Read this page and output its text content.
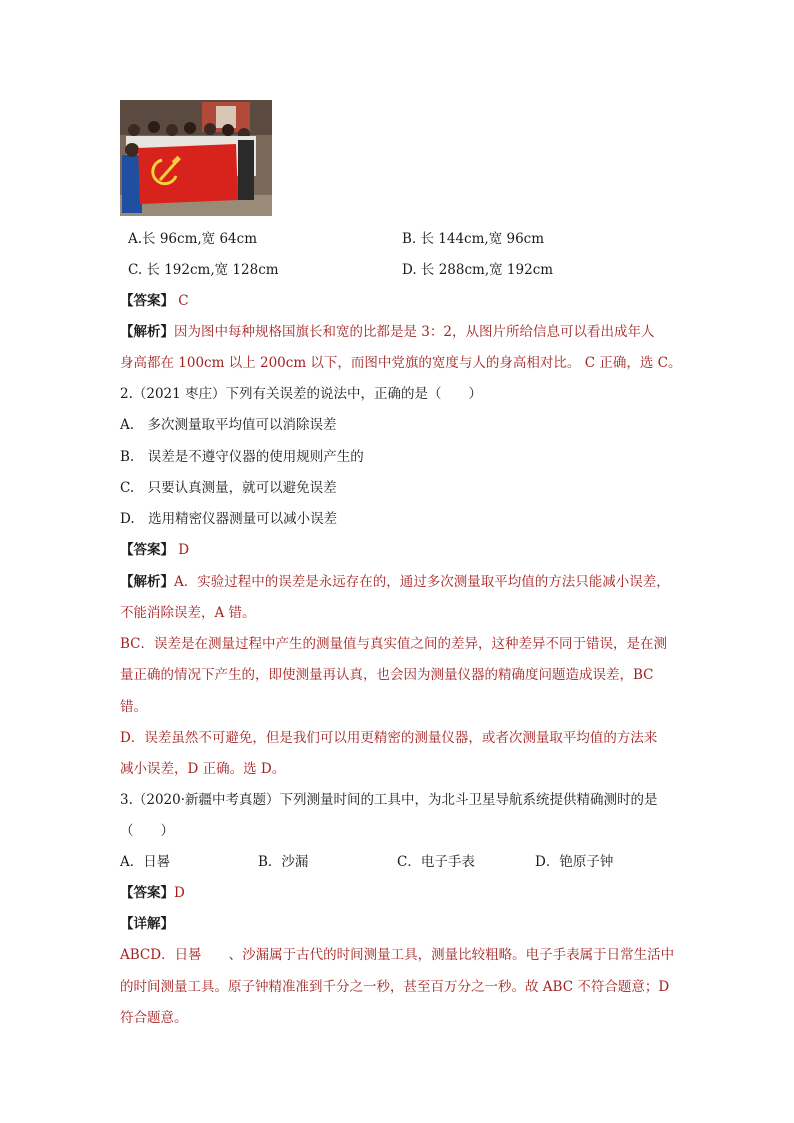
A.长 96cm,宽 64cm	B. 长 144cm,宽 96cm
C. 长 192cm,宽 128cm	D. 长 288cm,宽 192cm
【答案】 C
【解析】因为图中每种规格国旗长和宽的比都是是 3：2，从图片所给信息可以看出成年人
身高都在 100cm 以上 200cm 以下，而图中党旗的宽度与人的身高相对比。 C 正确，选 C。
2.（2021 枣庄）下列有关误差的说法中，正确的是（　　）
A.　多次测量取平均值可以消除误差
B.　误差是不遵守仪器的使用规则产生的
C.　只要认真测量，就可以避免误差
D.　选用精密仪器测量可以减小误差
【答案】 D
【解析】A．实验过程中的误差是永远存在的，通过多次测量取平均值的方法只能减小误差，
不能消除误差，A 错。
BC．误差是在测量过程中产生的测量值与真实值之间的差异，这种差异不同于错误，是在测
量正确的情况下产生的，即使测量再认真，也会因为测量仪器的精确度问题造成误差，BC
错。
D．误差虽然不可避免，但是我们可以用更精密的测量仪器，或者次测量取平均值的方法来
减小误差，D 正确。选 D。
3.（2020·新疆中考真题）下列测量时间的工具中，为北斗卫星导航系统提供精确测时的是
（　　）
A．日晷	B．沙漏	C．电子手表	D．铯原子钟
【答案】D
【详解】
ABCD．日晷　　、沙漏属于古代的时间测量工具，测量比较粗略。电子手表属于日常生活中
的时间测量工具。原子钟精准准到千分之一秒，甚至百万分之一秒。故 ABC 不符合题意；D
符合题意。
